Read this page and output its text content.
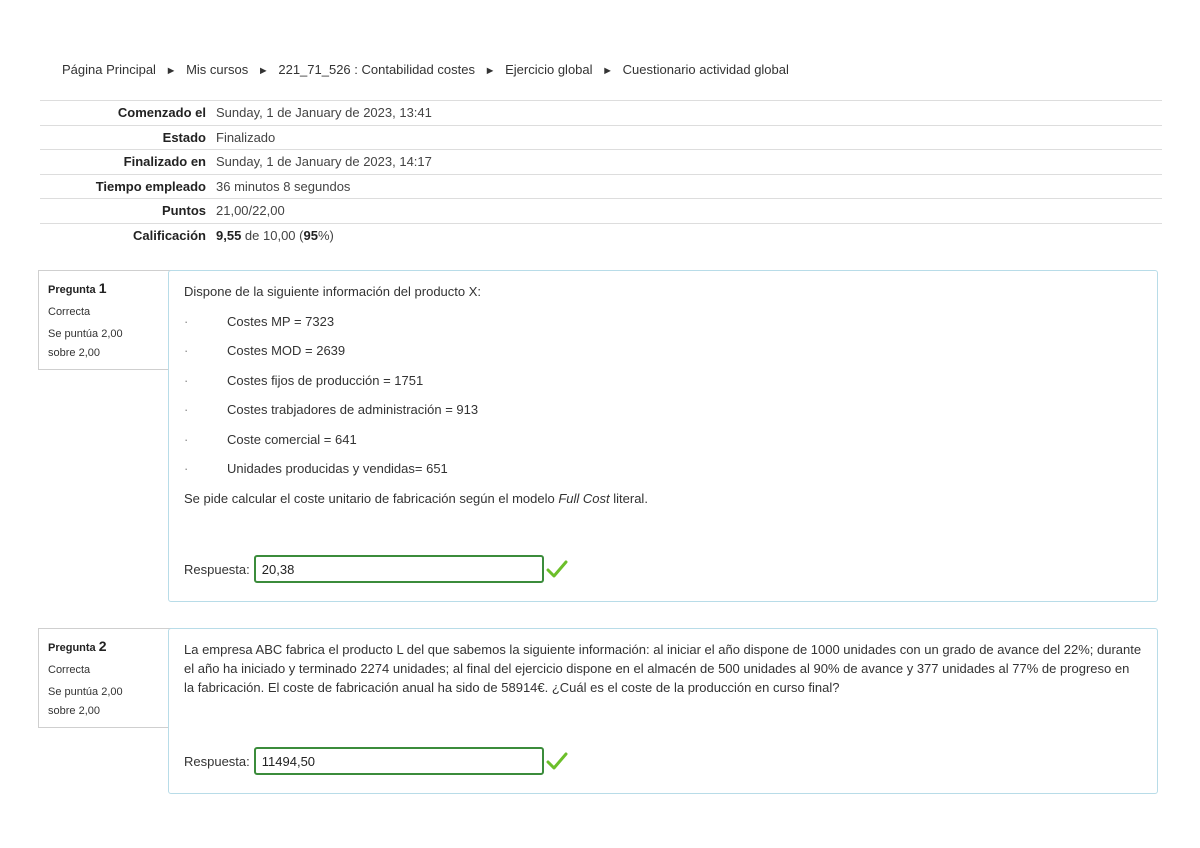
Página Principal ► Mis cursos ► 221_71_526 : Contabilidad costes ► Ejercicio global ► Cuestionario actividad global
Comenzado el	Sunday, 1 de January de 2023, 13:41
Estado	Finalizado
Finalizado en	Sunday, 1 de January de 2023, 14:17
Tiempo empleado	36 minutos 8 segundos
Puntos	21,00/22,00
Calificación	9,55 de 10,00 (95%)
Pregunta 1
Correcta
Se puntúa 2,00
sobre 2,00

Dispone de la siguiente información del producto X:

·	Costes MP = 7323

·	Costes MOD = 2639

·	Costes fijos de producción = 1751

·	Costes trabjadores de administración = 913

·	Coste comercial = 641

·	Unidades producidas y vendidas= 651

Se pide calcular el coste unitario de fabricación según el modelo Full Cost literal.

Respuesta: 20,38
Pregunta 2
Correcta
Se puntúa 2,00
sobre 2,00

La empresa ABC fabrica el producto L del que sabemos la siguiente información: al iniciar el año dispone de 1000 unidades con un grado de avance del 22%; durante el año ha iniciado y terminado 2274 unidades; al final del ejercicio dispone en el almacén de 500 unidades al 90% de avance y 377 unidades al 77% de progreso en la fabricación. El coste de fabricación anual ha sido de 58914€. ¿Cuál es el coste de la producción en curso final?

Respuesta: 11494,50
